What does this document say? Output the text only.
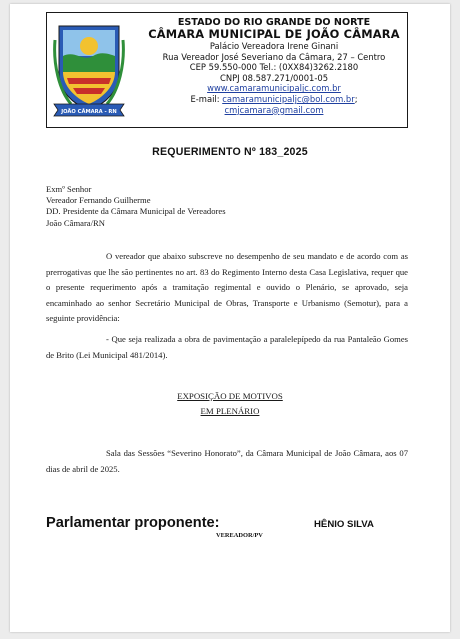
JOÃO CÂMARA - RN
ESTADO DO RIO GRANDE DO NORTE
CÂMARA MUNICIPAL DE JOÃO CÂMARA
Palácio Vereadora Irene Ginani
Rua Vereador José Severiano da Câmara, 27 – Centro
CEP 59.550-000 Tel.: (0XX84)3262.2180
CNPJ 08.587.271/0001-05
www.camaramunicipaljc.com.br
E-mail: camaramunicipaljc@bol.com.br;
cmjcamara@gmail.com
REQUERIMENTO Nº 183_2025
Exmº Senhor
Vereador Fernando Guilherme
DD. Presidente da Câmara Municipal de Vereadores
João Câmara/RN
O vereador que abaixo subscreve no desempenho de seu mandato e de acordo com as prerrogativas que lhe são pertinentes no art. 83 do Regimento Interno desta Casa Legislativa, requer que o presente requerimento após a tramitação regimental e ouvido o Plenário, se aprovado, seja encaminhado ao senhor Secretário Municipal de Obras, Transporte e Urbanismo (Semotur), para a seguinte providência:
- Que seja realizada a obra de pavimentação a paralelepípedo da rua Pantaleão Gomes de Brito (Lei Municipal 481/2014).
EXPOSIÇÃO DE MOTIVOS
EM PLENÁRIO
Sala das Sessões “Severino Honorato”, da Câmara Municipal de João Câmara, aos 07 dias de abril de 2025.
Parlamentar proponente:	HÊNIO SILVA
VEREADOR/PV
